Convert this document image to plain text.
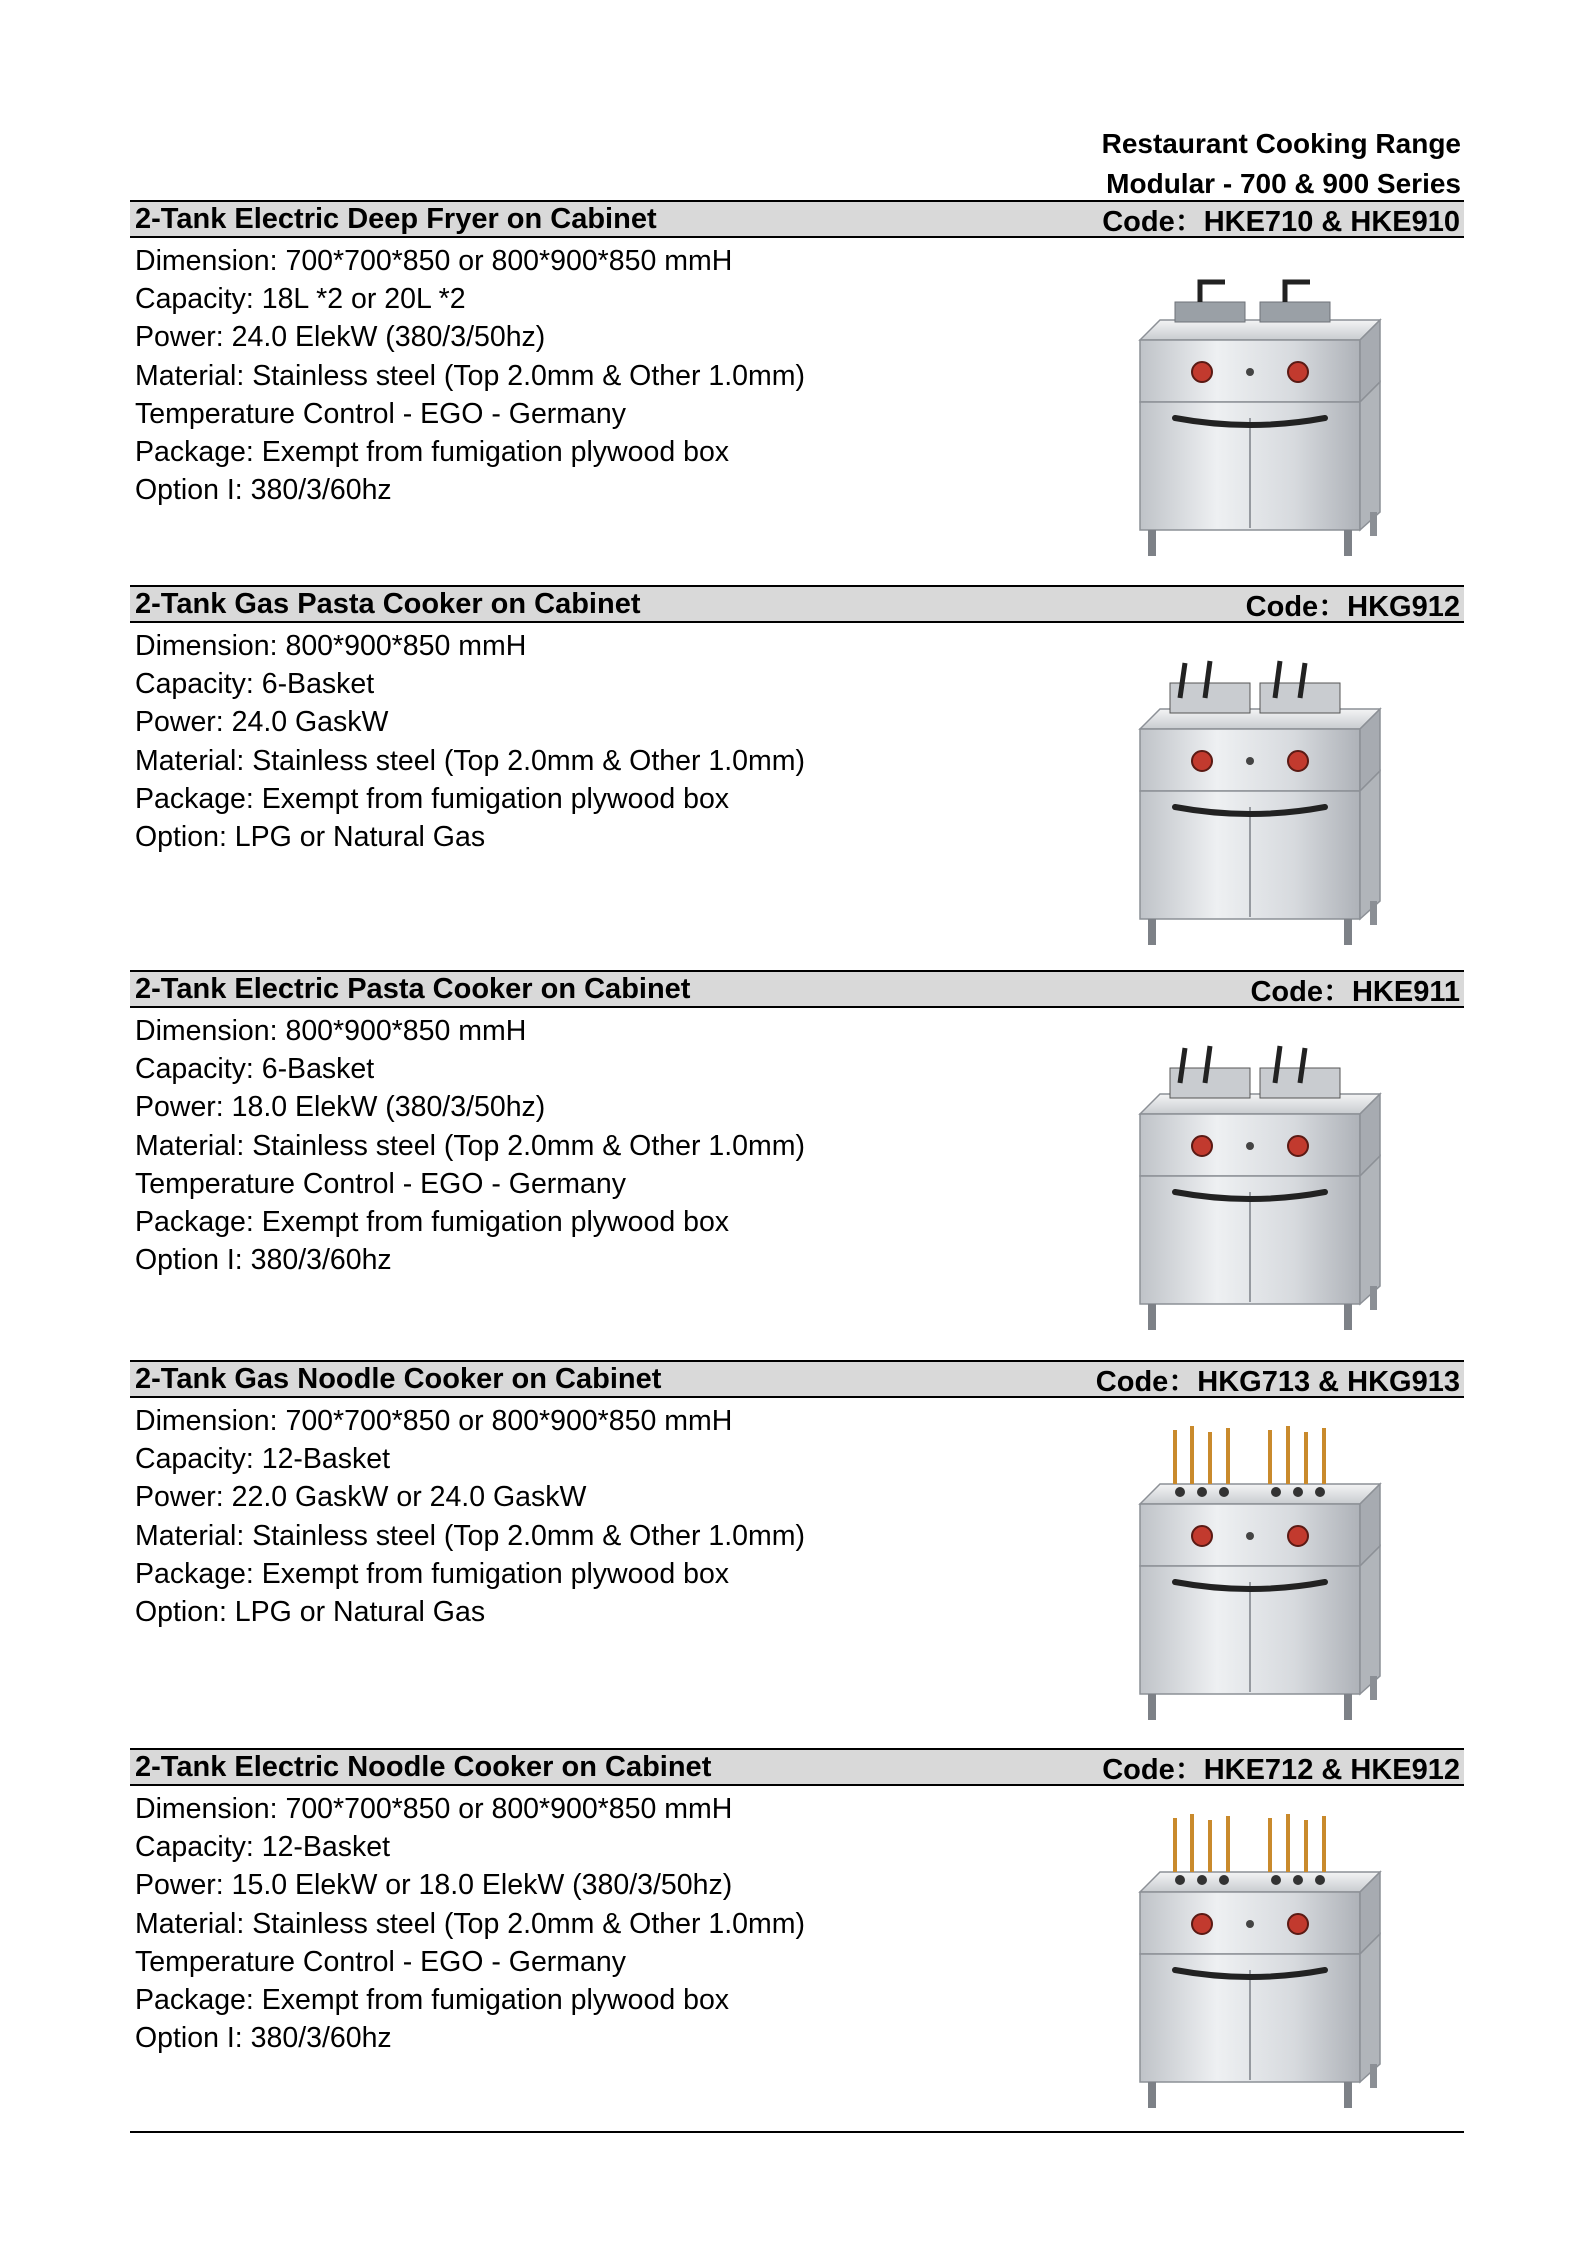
Restaurant Cooking Range
Modular - 700 & 900 Series
2-Tank Electric Deep Fryer on Cabinet	Code：HKE710 & HKE910
Dimension: 700*700*850 or 800*900*850 mmH
Capacity: 18L *2 or 20L *2
Power: 24.0 ElekW (380/3/50hz)
Material: Stainless steel (Top 2.0mm & Other 1.0mm)
Temperature Control - EGO - Germany
Package: Exempt from fumigation plywood box
Option I: 380/3/60hz
2-Tank Gas Pasta Cooker on Cabinet	Code：HKG912
Dimension: 800*900*850 mmH
Capacity: 6-Basket
Power: 24.0 GaskW
Material: Stainless steel (Top 2.0mm & Other 1.0mm)
Package: Exempt from fumigation plywood box
Option: LPG or Natural Gas
2-Tank Electric Pasta Cooker on Cabinet	Code：HKE911
Dimension: 800*900*850 mmH
Capacity: 6-Basket
Power: 18.0 ElekW (380/3/50hz)
Material: Stainless steel (Top 2.0mm & Other 1.0mm)
Temperature Control - EGO - Germany
Package: Exempt from fumigation plywood box
Option I: 380/3/60hz
2-Tank Gas Noodle Cooker on Cabinet	Code：HKG713 & HKG913
Dimension: 700*700*850 or 800*900*850 mmH
Capacity: 12-Basket
Power: 22.0 GaskW or 24.0 GaskW
Material: Stainless steel (Top 2.0mm & Other 1.0mm)
Package: Exempt from fumigation plywood box
Option: LPG or Natural Gas
2-Tank Electric Noodle Cooker on Cabinet	Code：HKE712 & HKE912
Dimension: 700*700*850 or 800*900*850 mmH
Capacity: 12-Basket
Power: 15.0 ElekW or 18.0 ElekW (380/3/50hz)
Material: Stainless steel (Top 2.0mm & Other 1.0mm)
Temperature Control - EGO - Germany
Package: Exempt from fumigation plywood box
Option I: 380/3/60hz
